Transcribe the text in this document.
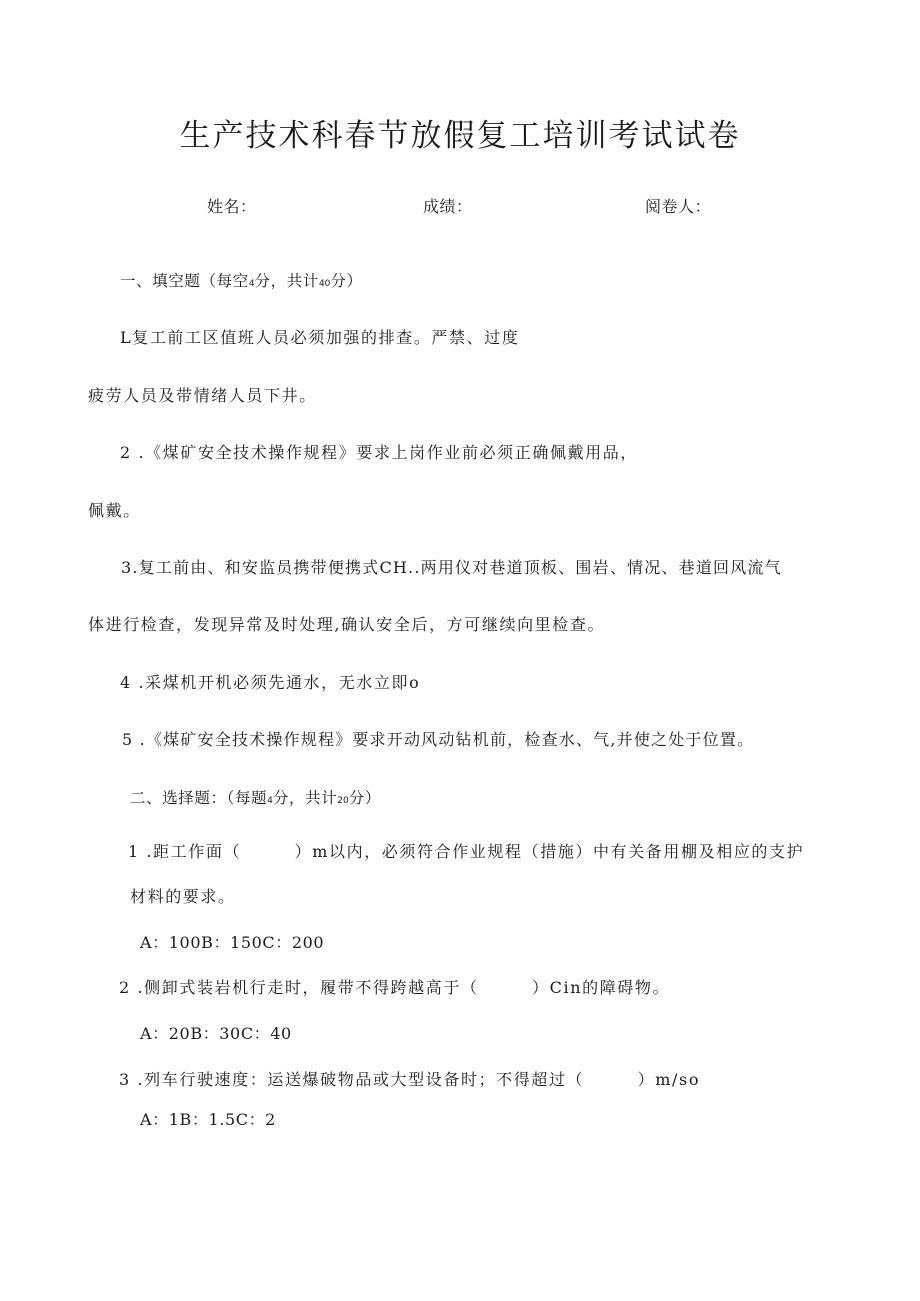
生产技术科春节放假复工培训考试试卷
姓名：	成绩：	阅卷人：
一、填空题（每空4分，共计40分）
L复工前工区值班人员必须加强的排查。严禁、过度
疲劳人员及带情绪人员下井。
2 .《煤矿安全技术操作规程》要求上岗作业前必须正确佩戴用品，
佩戴。
3.复工前由、和安监员携带便携式CH..两用仪对巷道顶板、围岩、情况、巷道回风流气
体进行检查，发现异常及时处理,确认安全后，方可继续向里检查。
4 .采煤机开机必须先通水，无水立即o
5 .《煤矿安全技术操作规程》要求开动风动钻机前，检查水、气,并使之处于位置。
二、选择题：（每题4分，共计20分）
1 .距工作面（        ）m以内，必须符合作业规程（措施）中有关备用棚及相应的支护
材料的要求。
A：100B：150C：200
2 .侧卸式装岩机行走时，履带不得跨越高于（        ）Cin的障碍物。
A：20B：30C：40
3 .列车行驶速度：运送爆破物品或大型设备时；不得超过（        ）m/so
A：1B：1.5C：2
